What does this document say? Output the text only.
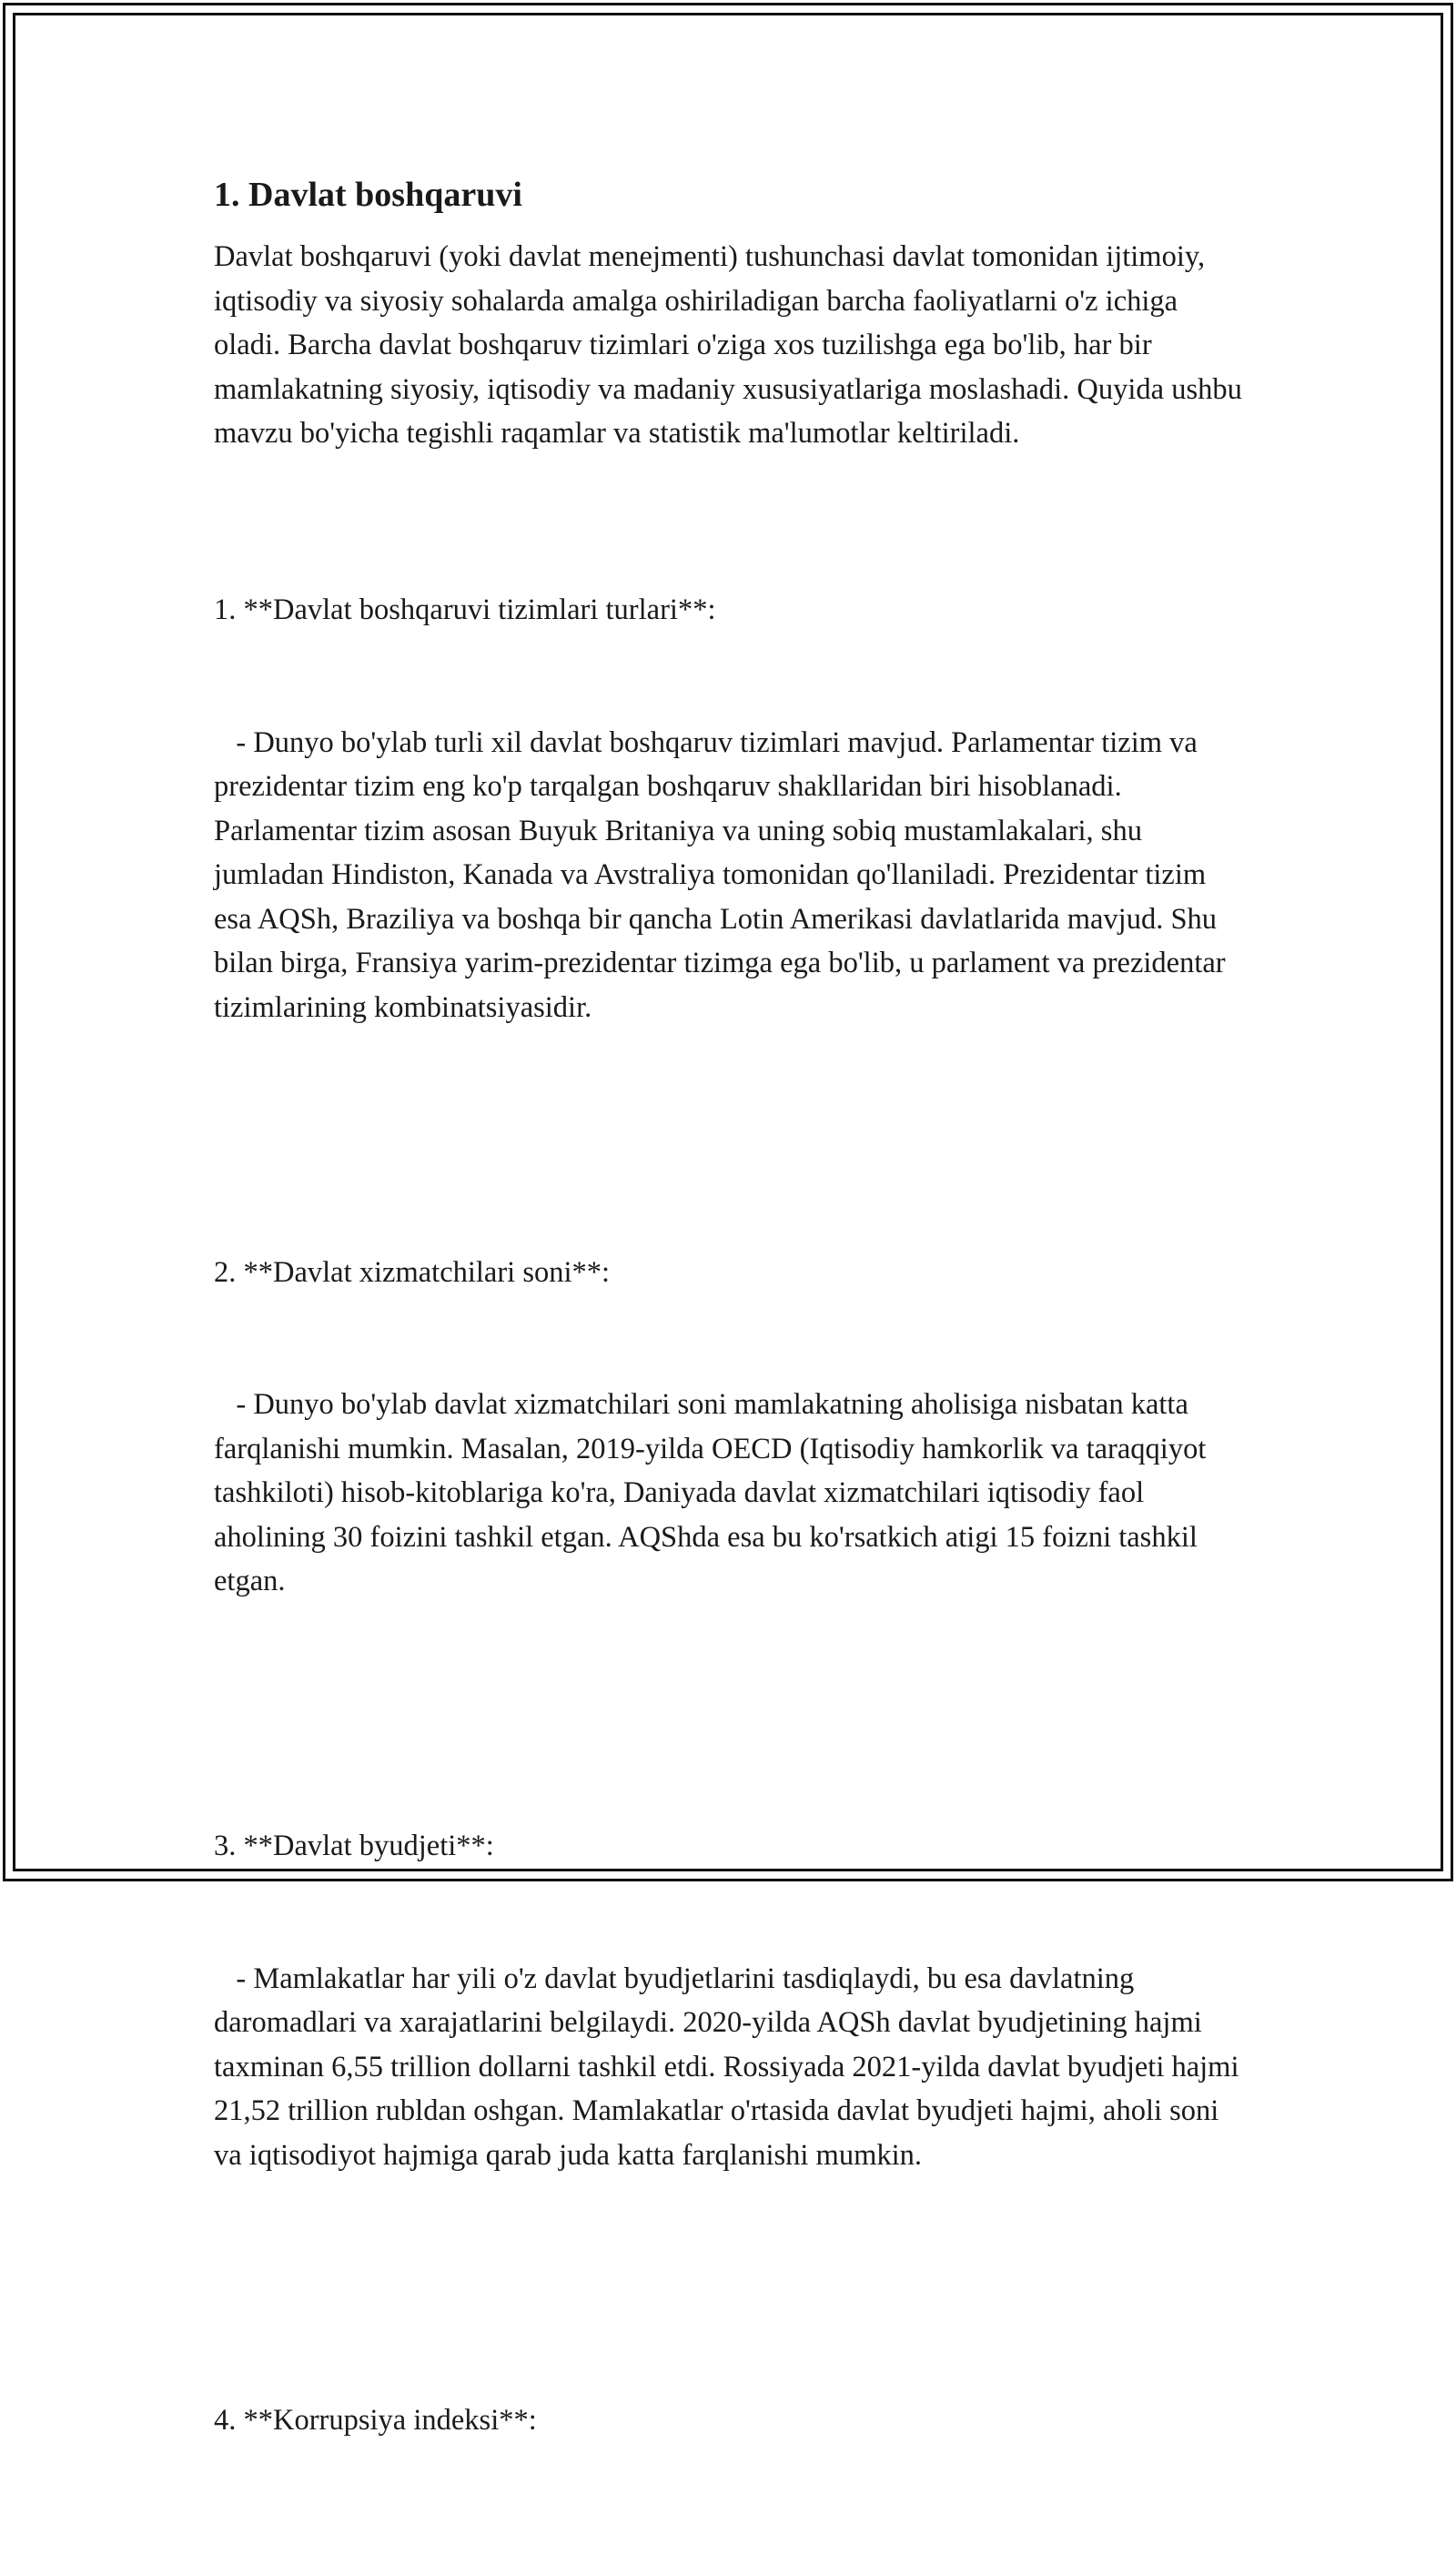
1. Davlat boshqaruvi

Davlat boshqaruvi (yoki davlat menejmenti) tushunchasi davlat tomonidan ijtimoiy, iqtisodiy va siyosiy sohalarda amalga oshiriladigan barcha faoliyatlarni o'z ichiga oladi. Barcha davlat boshqaruv tizimlari o'ziga xos tuzilishga ega bo'lib, har bir mamlakatning siyosiy, iqtisodiy va madaniy xususiyatlariga moslashadi. Quyida ushbu mavzu bo'yicha tegishli raqamlar va statistik ma'lumotlar keltiriladi.

1. **Davlat boshqaruvi tizimlari turlari**:

- Dunyo bo'ylab turli xil davlat boshqaruv tizimlari mavjud. Parlamentar tizim va prezidentar tizim eng ko'p tarqalgan boshqaruv shakllaridan biri hisoblanadi. Parlamentar tizim asosan Buyuk Britaniya va uning sobiq mustamlakalari, shu jumladan Hindiston, Kanada va Avstraliya tomonidan qo'llaniladi. Prezidentar tizim esa AQSh, Braziliya va boshqa bir qancha Lotin Amerikasi davlatlarida mavjud. Shu bilan birga, Fransiya yarim-prezidentar tizimga ega bo'lib, u parlament va prezidentar tizimlarining kombinatsiyasidir.

2. **Davlat xizmatchilari soni**:

- Dunyo bo'ylab davlat xizmatchilari soni mamlakatning aholisiga nisbatan katta farqlanishi mumkin. Masalan, 2019-yilda OECD (Iqtisodiy hamkorlik va taraqqiyot tashkiloti) hisob-kitoblariga ko'ra, Daniyada davlat xizmatchilari iqtisodiy faol aholining 30 foizini tashkil etgan. AQShda esa bu ko'rsatkich atigi 15 foizni tashkil etgan.

3. **Davlat byudjeti**:

- Mamlakatlar har yili o'z davlat byudjetlarini tasdiqlaydi, bu esa davlatning daromadlari va xarajatlarini belgilaydi. 2020-yilda AQSh davlat byudjetining hajmi taxminan 6,55 trillion dollarni tashkil etdi. Rossiyada 2021-yilda davlat byudjeti hajmi 21,52 trillion rubldan oshgan. Mamlakatlar o'rtasida davlat byudjeti hajmi, aholi soni va iqtisodiyot hajmiga qarab juda katta farqlanishi mumkin.

4. **Korrupsiya indeksi**:
